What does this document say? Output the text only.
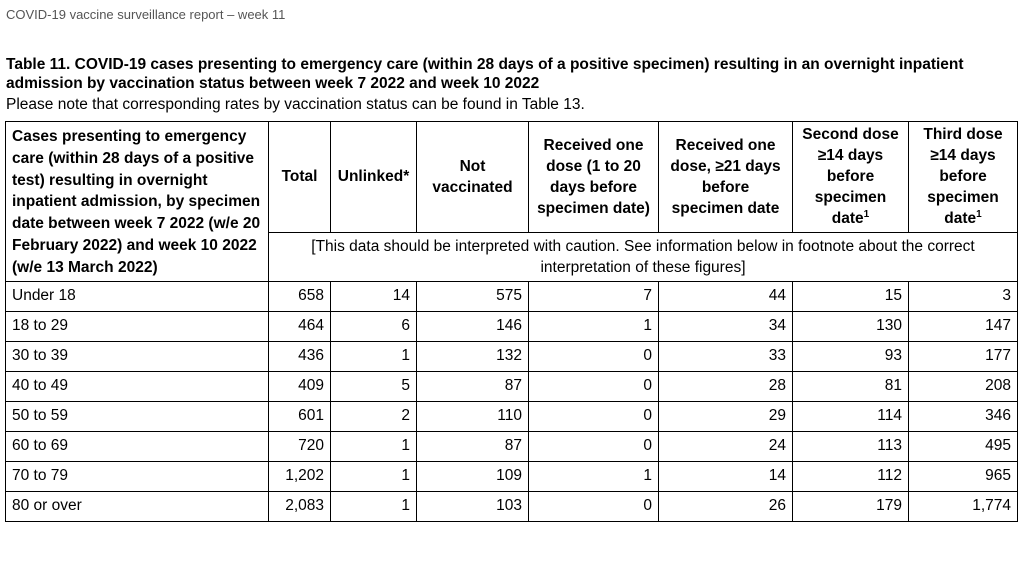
COVID-19 vaccine surveillance report – week 11
Table 11. COVID-19 cases presenting to emergency care (within 28 days of a positive specimen) resulting in an overnight inpatient admission by vaccination status between week 7 2022 and week 10 2022
Please note that corresponding rates by vaccination status can be found in Table 13.
Cases presenting to emergency care (within 28 days of a positive test) resulting in overnight inpatient admission, by specimen date between week 7 2022 (w/e 20 February 2022) and week 10 2022 (w/e 13 March 2022)	Total	Unlinked*	Not vaccinated	Received one dose (1 to 20 days before specimen date)	Received one dose, ≥21 days before specimen date	Second dose ≥14 days before specimen date$^1$	Third dose ≥14 days before specimen date$^1$
	[This data should be interpreted with caution. See information below in footnote about the correct interpretation of these figures]						
Under 18	658	14	575	7	44	15	3
18 to 29	464	6	146	1	34	130	147
30 to 39	436	1	132	0	33	93	177
40 to 49	409	5	87	0	28	81	208
50 to 59	601	2	110	0	29	114	346
60 to 69	720	1	87	0	24	113	495
70 to 79	1,202	1	109	1	14	112	965
80 or over	2,083	1	103	0	26	179	1,774
